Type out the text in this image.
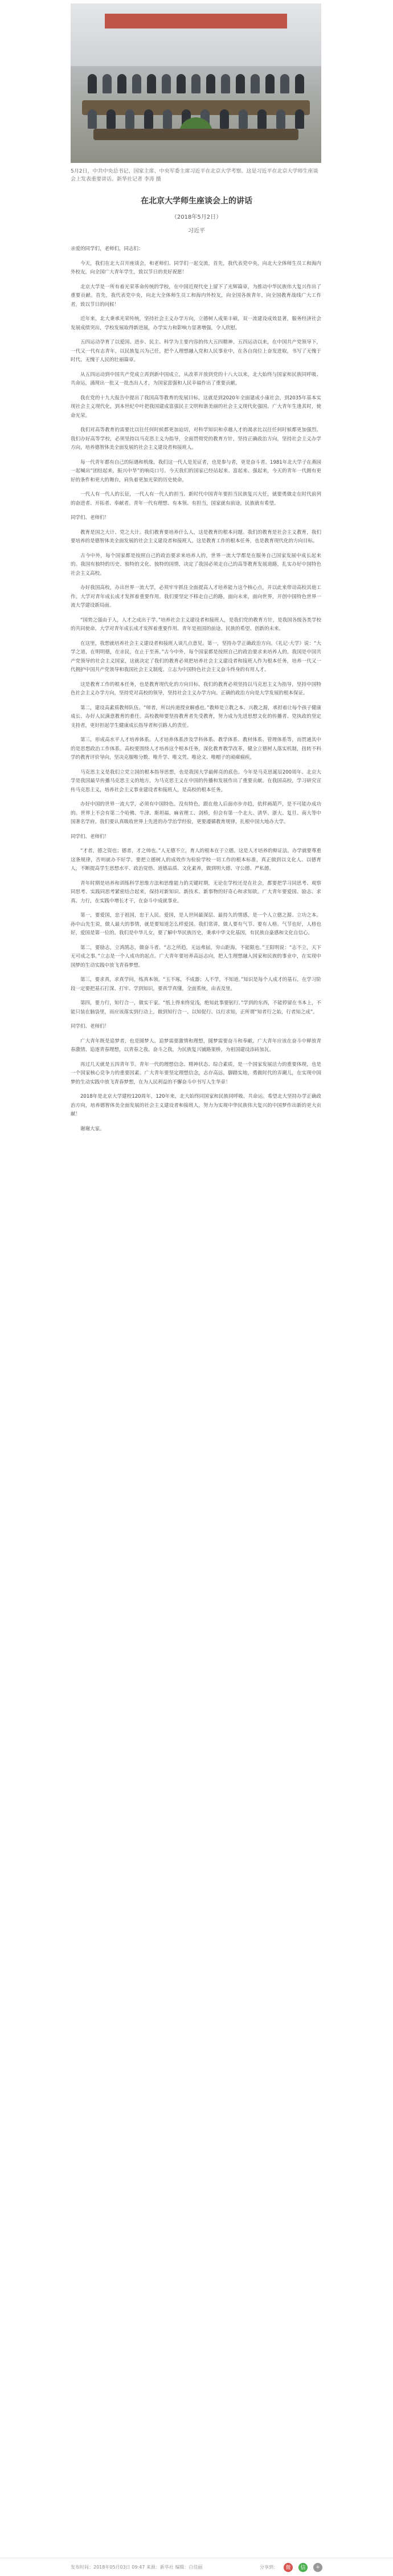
5月2日，中共中央总书记、国家主席、中央军委主席习近平在北京大学考察。这是习近平在北京大学师生座谈会上发表重要讲话。新华社记者 李涛 摄
在北京大学师生座谈会上的讲话
（2018年5月2日）
习近平

亲爱的同学们，老师们，同志们：

今天，我们在北大召开座谈会，和老师们、同学们一起交流，首先，我代表党中央，向北大全体师生员工和海内外校友，向全国广大青年学生，致以节日的美好祝愿！

北京大学是一所有着光荣革命传统的学校，在中国近现代史上留下了光辉篇章，为推动中华民族伟大复兴作出了重要贡献。首先，我代表党中央，向北大全体师生员工和海内外校友，向全国各族青年，向全国教育战线广大工作者，致以节日的问候！

近年来，北大秉承光荣传统，坚持社会主义办学方向，立德树人成果丰硕，双一流建设成效显著，服务经济社会发展成绩突出，学校发展取得新进展，办学实力和影响力显著增强，令人欣慰。

五四运动孕育了以爱国、进步、民主、科学为主要内容的伟大五四精神。五四运动以来，在中国共产党领导下，一代又一代有志青年，以民族复兴为己任，把个人理想融入党和人民事业中，在各自岗位上奋发进取，书写了无愧于时代、无愧于人民的壮丽篇章。

从五四运动到中国共产党成立再到新中国成立，从改革开放到党的十八大以来，北大始终与国家和民族同呼吸、共命运，涌现出一批又一批杰出人才，为国家富强和人民幸福作出了重要贡献。

我在党的十九大报告中提出了我国高等教育的发展目标，这就是到2020年全面建成小康社会，到2035年基本实现社会主义现代化，到本世纪中叶把我国建成富强民主文明和谐美丽的社会主义现代化强国。广大青年生逢其时，使命光荣。

我们对高等教育的需要比以往任何时候都更加迫切，对科学知识和卓越人才的渴求比以往任何时候都更加强烈。我们办好高等学校，必须坚持以马克思主义为指导，全面贯彻党的教育方针，坚持正确政治方向，坚持社会主义办学方向，培养德智体美全面发展的社会主义建设者和接班人。

每一代青年都有自己的际遇和机缘。我们这一代人是见证者，也是参与者，更是奋斗者。1981年北大学子在燕园一起喊出“团结起来，振兴中华”的响亮口号。今天我们的国家已经站起来、富起来、强起来，今天的青年一代拥有更好的条件和更大的舞台，肩负着更加光荣的历史使命。

一代人有一代人的长征，一代人有一代人的担当。新时代中国青年要担当民族复兴大任，就要勇做走在时代前列的奋进者、开拓者、奉献者。青年一代有理想、有本领、有担当，国家就有前途，民族就有希望。

同学们、老师们！

教育是国之大计、党之大计。我们教育要培养什么人，这是教育的根本问题。我们的教育是社会主义教育，我们要培养的是德智体美全面发展的社会主义建设者和接班人。这是教育工作的根本任务，也是教育现代化的方向目标。

古今中外，每个国家都是按照自己的政治要求来培养人的，世界一流大学都是在服务自己国家发展中成长起来的。我国有独特的历史、独特的文化、独特的国情，决定了我国必须走自己的高等教育发展道路，扎实办好中国特色社会主义高校。

办好我国高校，办出世界一流大学，必须牢牢抓住全面提高人才培养能力这个核心点，并以此来带动高校其他工作。大学对青年成长成才发挥着重要作用。我们要坚定不移走自己的路，面向未来，面向世界，开创中国特色世界一流大学建设新局面。

“国势之强由于人，人才之成出于学。”培养社会主义建设者和接班人，是我们党的教育方针，是我国各级各类学校的共同使命。大学对青年成长成才发挥着重要作用。青年是祖国的前途、民族的希望、创新的未来。

在这里，我想就培养社会主义建设者和接班人谈几点意见。第一，坚持办学正确政治方向。《礼记·大学》说：“大学之道，在明明德，在亲民，在止于至善。”古今中外，每个国家都是按照自己的政治要求来培养人的。我国是中国共产党领导的社会主义国家，这就决定了我们的教育必须把培养社会主义建设者和接班人作为根本任务，培养一代又一代拥护中国共产党领导和我国社会主义制度、立志为中国特色社会主义奋斗终身的有用人才。

这是教育工作的根本任务，也是教育现代化的方向目标。我们的教育必须坚持以马克思主义为指导，坚持中国特色社会主义办学方向，坚持党对高校的领导，坚持社会主义办学方向。正确的政治方向是大学发展的根本保证。

第二，建设高素质教师队伍。“师者，所以传道授业解惑也。”教师是立教之本、兴教之源，承担着让每个孩子健康成长、办好人民满意教育的重任。高校教师要坚持教育者先受教育，努力成为先进思想文化的传播者、党执政的坚定支持者，更好担起学生健康成长指导者和引路人的责任。

第三，形成高水平人才培养体系。人才培养体系涉及学科体系、教学体系、教材体系、管理体系等，而贯通其中的是思想政治工作体系。高校要围绕人才培养这个根本任务，深化教育教学改革，健全立德树人落实机制，扭转不科学的教育评价导向，坚决克服唯分数、唯升学、唯文凭、唯论文、唯帽子的顽瘴痼疾。

马克思主义是我们立党立国的根本指导思想，也是我国大学最鲜亮的底色。今年是马克思诞辰200周年。北京大学是我国最早传播马克思主义的地方，为马克思主义在中国的传播和发展作出了重要贡献。在我国高校，学习研究宣传马克思主义，培养社会主义事业建设者和接班人，是高校的根本任务。

办好中国的世界一流大学，必须有中国特色。没有特色，跟在他人后面亦步亦趋，依样画葫芦，是不可能办成功的。世界上不会有第二个哈佛、牛津、斯坦福、麻省理工、剑桥，但会有第一个北大、清华、浙大、复旦、南大等中国著名学府。我们要认真吸收世界上先进的办学治学经验，更要遵循教育规律，扎根中国大地办大学。

同学们、老师们！

“才者，德之资也；德者，才之帅也。”人无德不立，育人的根本在于立德。这是人才培养的辩证法。办学就要尊重这条规律，否则就办不好学。要把立德树人的成效作为检验学校一切工作的根本标准，真正做到以文化人、以德育人，不断提高学生思想水平、政治觉悟、道德品质、文化素养，做到明大德、守公德、严私德。

青年时期是培养和训练科学思维方法和思维能力的关键时期，无论在学校还是在社会，都要把学习同思考、观察同思考、实践同思考紧密结合起来，保持对新知识、新技术、新事物的好奇心和求知欲。广大青年要爱国、励志、求真、力行，在实践中增长才干，在奋斗中成就事业。

第一，要爱国，忠于祖国，忠于人民。爱国，是人世间最深层、最持久的情感，是一个人立德之源、立功之本。孙中山先生说，做人最大的事情，就是要知道怎么样爱国。我们常讲，做人要有气节、要有人格。气节也好，人格也好，爱国是第一位的。我们是中华儿女，要了解中华民族历史，秉承中华文化基因，有民族自豪感和文化自信心。

第二，要励志，立鸿鹄志，做奋斗者。“志之所趋，无远弗届，穷山距海，不能限也。”王阳明说：“志不立，天下无可成之事。”立志是一个人成功的起点。广大青年要培养高远志向，把人生理想融入国家和民族的事业中，在实现中国梦的生动实践中放飞青春梦想。

第三，要求真，求真学问，练真本领。“玉不琢，不成器；人不学，不知道。”知识是每个人成才的基石，在学习阶段一定要把基石打深、打牢。学到知识，要真学真懂，全面系统，由表及里。

第四，要力行，知行合一，做实干家。“纸上得来终觉浅，绝知此事要躬行。”学到的东西，不能停留在书本上，不能只装在脑袋里，而应该落实到行动上，做到知行合一、以知促行、以行求知，正所谓“知者行之始，行者知之成”。

同学们、老师们！

广大青年既是追梦者，也是圆梦人。追梦需要激情和理想，圆梦需要奋斗和奉献。广大青年应该在奋斗中释放青春激情、追逐青春理想，以青春之我、奋斗之我，为民族复兴铺路架桥，为祖国建设添砖加瓦。

再过几天就是五四青年节。青年一代的理想信念、精神状态、综合素质，是一个国家发展活力的重要体现，也是一个国家核心竞争力的重要因素。广大青年要坚定理想信念，志存高远，脚踏实地，勇做时代的弄潮儿，在实现中国梦的生动实践中放飞青春梦想，在为人民利益的不懈奋斗中书写人生华章！

2018年是北京大学建校120周年，120年来，北大始终同国家和民族同呼吸、共命运。希望北大坚持办学正确政治方向，培养德智体美全面发展的社会主义建设者和接班人，努力为实现中华民族伟大复兴的中国梦作出新的更大贡献！

谢谢大家。

发布时间：2018年05月03日 09:47 来源：新华社 编辑：白佳丽	分享到：	微	信	+
